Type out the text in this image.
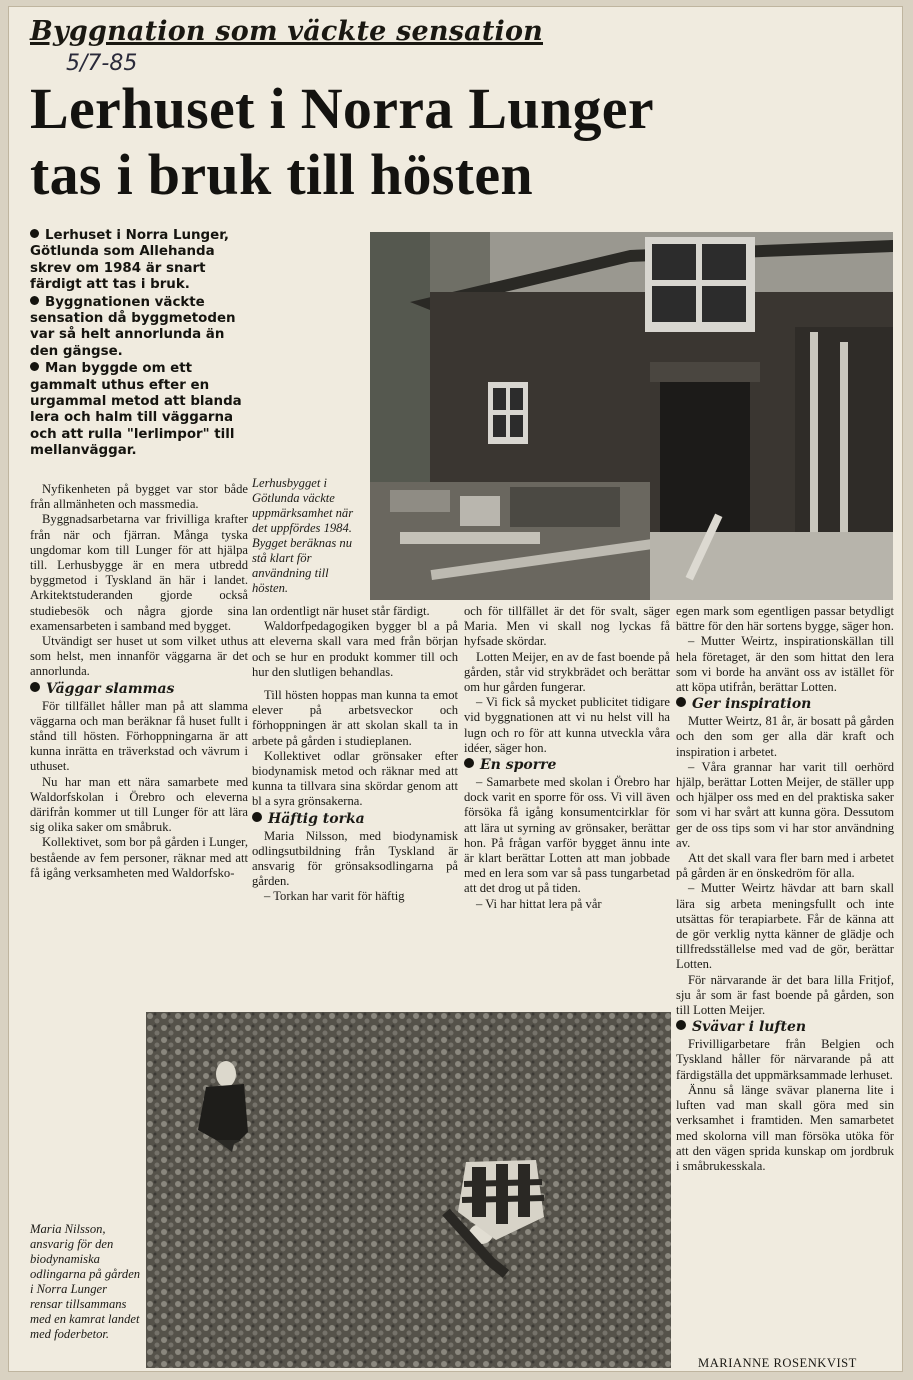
Byggnation som väckte sensation
5/7-85
Lerhuset i Norra Lunger
tas i bruk till hösten

Lerhuset i Norra Lunger, Götlunda som Allehanda skrev om 1984 är snart färdigt att tas i bruk.

Byggnationen väckte sensation då byggmetoden var så helt annorlunda än den gängse.

Man byggde om ett gammalt uthus efter en urgammal metod att blanda lera och halm till väggarna och att rulla "lerlimpor" till mellanväggar.

Nyfikenheten på bygget var stor både från allmänheten och massmedia.

Byggnadsarbetarna var frivilliga krafter från när och fjärran. Många tyska ungdomar kom till Lunger för att hjälpa till. Lerhusbygge är en mera utbredd byggmetod i Tyskland än här i landet. Arkitektstuderanden gjorde också studiebesök och några gjorde sina examensarbeten i samband med bygget.

Utvändigt ser huset ut som vilket uthus som helst, men innanför väggarna är det annorlunda.

Väggar slammas

För tillfället håller man på att slamma väggarna och man beräknar få huset fullt i stånd till hösten. Förhoppningarna är att kunna inrätta en träverkstad och vävrum i uthuset.

Nu har man ett nära samarbete med Waldorfskolan i Örebro och eleverna därifrån kommer ut till Lunger för att lära sig olika saker om småbruk.

Kollektivet, som bor på gården i Lunger, bestående av fem personer, räknar med att få igång verksamheten med Waldorfsko-

Lerhusbygget i Götlunda väckte uppmärksamhet när det uppfördes 1984. Bygget beräknas nu stå klart för användning till hösten.

lan ordentligt när huset står färdigt.

Waldorfpedagogiken bygger bl a på att eleverna skall vara med från början och se hur en produkt kommer till och hur den slutligen behandlas.

Till hösten hoppas man kunna ta emot elever på arbetsveckor och förhoppningen är att skolan skall ta in arbete på gården i studieplanen.

Kollektivet odlar grönsaker efter biodynamisk metod och räknar med att kunna ta tillvara sina skördar genom att bl a syra grönsakerna.

Häftig torka

Maria Nilsson, med biodynamisk odlingsutbildning från Tyskland är ansvarig för grönsaksodlingarna på gården.

– Torkan har varit för häftig

och för tillfället är det för svalt, säger Maria. Men vi skall nog lyckas få hyfsade skördar.

Lotten Meijer, en av de fast boende på gården, står vid strykbrädet och berättar om hur gården fungerar.

– Vi fick så mycket publicitet tidigare vid byggnationen att vi nu helst vill ha lugn och ro för att kunna utveckla våra idéer, säger hon.

En sporre

– Samarbete med skolan i Örebro har dock varit en sporre för oss. Vi vill även försöka få igång konsumentcirklar för att lära ut syrning av grönsaker, berättar hon. På frågan varför bygget ännu inte är klart berättar Lotten att man jobbade med en lera som var så pass tungarbetad att det drog ut på tiden.

– Vi har hittat lera på vår

egen mark som egentligen passar betydligt bättre för den här sortens bygge, säger hon.

– Mutter Weirtz, inspirationskällan till hela företaget, är den som hittat den lera som vi borde ha använt oss av istället för att köpa utifrån, berättar Lotten.

Ger inspiration

Mutter Weirtz, 81 år, är bosatt på gården och den som ger alla där kraft och inspiration i arbetet.

– Våra grannar har varit till oerhörd hjälp, berättar Lotten Meijer, de ställer upp och hjälper oss med en del praktiska saker som vi har svårt att kunna göra. Dessutom ger de oss tips som vi har stor användning av.

Att det skall vara fler barn med i arbetet på gården är en önskedröm för alla.

– Mutter Weirtz hävdar att barn skall lära sig arbeta meningsfullt och inte utsättas för terapiarbete. Får de känna att de gör verklig nytta känner de glädje och tillfredsställelse med vad de gör, berättar Lotten.

För närvarande är det bara lilla Fritjof, sju år som är fast boende på gården, son till Lotten Meijer.

Svävar i luften

Frivilligarbetare från Belgien och Tyskland håller för närvarande på att färdigställa det uppmärksammade lerhuset.

Ännu så länge svävar planerna lite i luften vad man skall göra med sin verksamhet i framtiden. Men samarbetet med skolorna vill man försöka utöka för att den vägen sprida kunskap om jordbruk i småbrukesskala.

Maria Nilsson, ansvarig för den biodynamiska odlingarna på gården i Norra Lunger rensar tillsammans med en kamrat landet med foderbetor.
MARIANNE ROSENKVIST
